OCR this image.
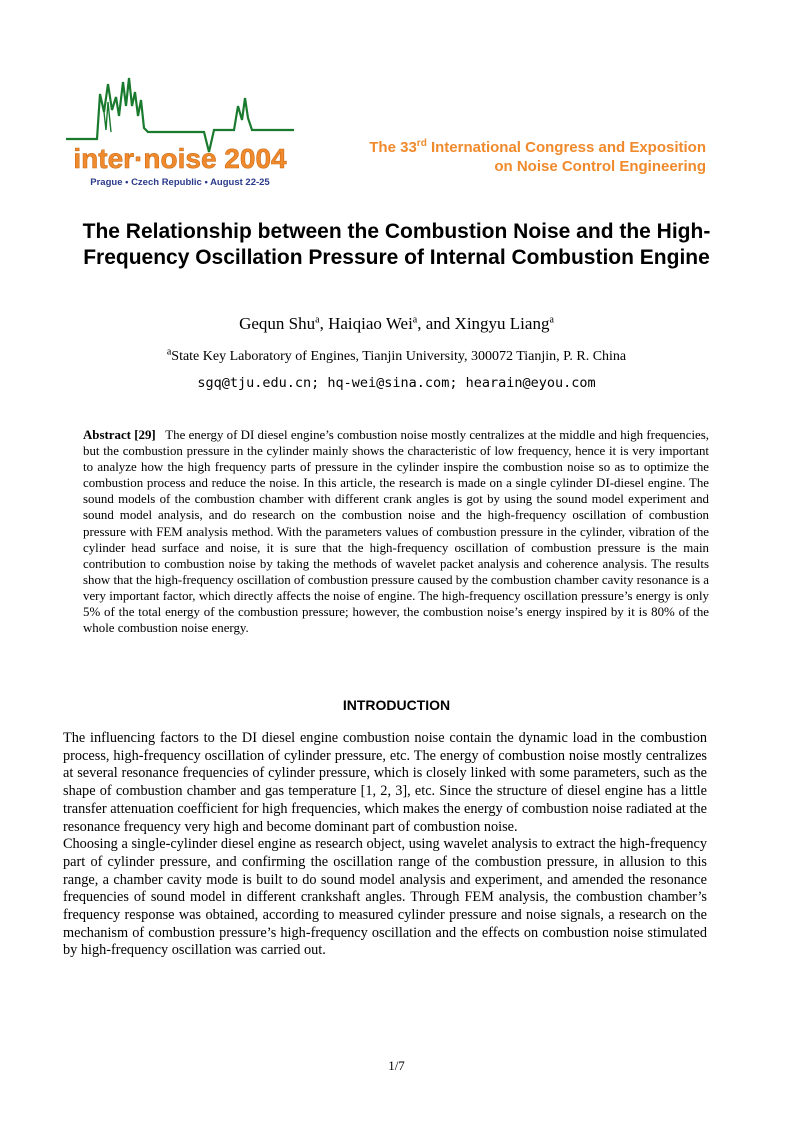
inter·noise 2004
Prague • Czech Republic • August 22-25
The 33rd International Congress and Exposition
on Noise Control Engineering
The Relationship between the Combustion Noise and the High-Frequency Oscillation Pressure of Internal Combustion Engine
Gequn Shu$^a$, Haiqiao Wei$^a$, and Xingyu Liang$^a$
$^a$State Key Laboratory of Engines, Tianjin University, 300072 Tianjin, P. R. China
sgq@tju.edu.cn; hq-wei@sina.com; hearain@eyou.com

Abstract [29] The energy of DI diesel engine’s combustion noise mostly centralizes at the middle and high frequencies, but the combustion pressure in the cylinder mainly shows the characteristic of low frequency, hence it is very important to analyze how the high frequency parts of pressure in the cylinder inspire the combustion noise so as to optimize the combustion process and reduce the noise. In this article, the research is made on a single cylinder DI-diesel engine. The sound models of the combustion chamber with different crank angles is got by using the sound model experiment and sound model analysis, and do research on the combustion noise and the high-frequency oscillation of combustion pressure with FEM analysis method. With the parameters values of combustion pressure in the cylinder, vibration of the cylinder head surface and noise, it is sure that the high-frequency oscillation of combustion pressure is the main contribution to combustion noise by taking the methods of wavelet packet analysis and coherence analysis. The results show that the high-frequency oscillation of combustion pressure caused by the combustion chamber cavity resonance is a very important factor, which directly affects the noise of engine. The high-frequency oscillation pressure’s energy is only 5% of the total energy of the combustion pressure; however, the combustion noise’s energy inspired by it is 80% of the whole combustion noise energy.

INTRODUCTION

The influencing factors to the DI diesel engine combustion noise contain the dynamic load in the combustion process, high-frequency oscillation of cylinder pressure, etc. The energy of combustion noise mostly centralizes at several resonance frequencies of cylinder pressure, which is closely linked with some parameters, such as the shape of combustion chamber and gas temperature [1, 2, 3], etc. Since the structure of diesel engine has a little transfer attenuation coefficient for high frequencies, which makes the energy of combustion noise radiated at the resonance frequency very high and become dominant part of combustion noise.

Choosing a single-cylinder diesel engine as research object, using wavelet analysis to extract the high-frequency part of cylinder pressure, and confirming the oscillation range of the combustion pressure, in allusion to this range, a chamber cavity mode is built to do sound model analysis and experiment, and amended the resonance frequencies of sound model in different crankshaft angles. Through FEM analysis, the combustion chamber’s frequency response was obtained, according to measured cylinder pressure and noise signals, a research on the mechanism of combustion pressure’s high-frequency oscillation and the effects on combustion noise stimulated by high-frequency oscillation was carried out.

1/7
